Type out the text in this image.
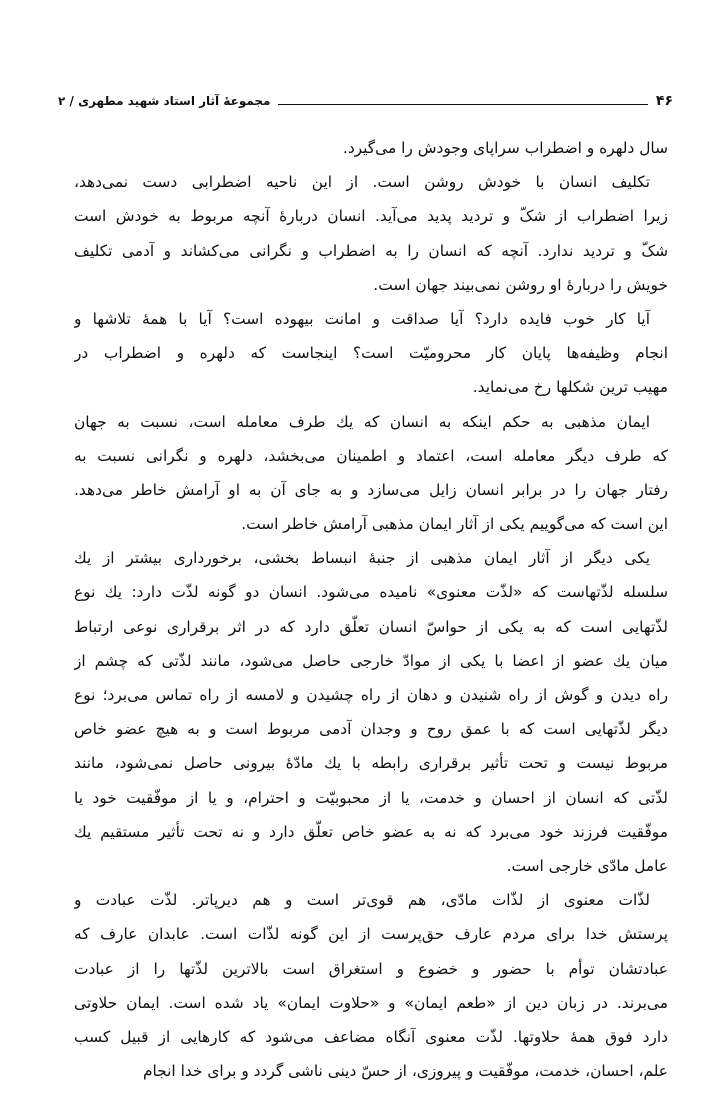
مجموعهٔ آثار استاد شهید مطهری / ۲	۴۶
سال دلهره و اضطراب سراپای وجودش را می‌گیرد.
تکلیف انسان با خودش روشن است. از این ناحیه اضطرابی دست نمی‌دهد،
زیرا اضطراب از شکّ و تردید پدید می‌آید. انسان دربارهٔ آنچه مربوط به خودش است
شکّ و تردید ندارد. آنچه که انسان را به اضطراب و نگرانی می‌کشاند و آدمی تکلیف
خویش را دربارهٔ او روشن نمی‌بیند جهان است.
آیا کار خوب فایده دارد؟ آیا صداقت و امانت بیهوده است؟ آیا با همهٔ تلاشها و
انجام وظیفه‌ها پایان کار محرومیّت است؟ اینجاست که دلهره و اضطراب در
مهیب ترین شکلها رخ می‌نماید.
ایمان مذهبی به حکم اینکه به انسان که یك طرف معامله است، نسبت به جهان
که طرف دیگر معامله است، اعتماد و اطمینان می‌بخشد، دلهره و نگرانی نسبت به
رفتار جهان را در برابر انسان زایل می‌سازد و به جای آن به او آرامش خاطر می‌دهد.
این است که می‌گوییم یکی از آثار ایمان مذهبی آرامش خاطر است.
یکی دیگر از آثار ایمان مذهبی از جنبهٔ انبساط بخشی، برخورداری بیشتر از یك
سلسله لذّتهاست که «لذّت معنوی» نامیده می‌شود. انسان دو گونه لذّت دارد: یك نوع
لذّتهایی است که به یکی از حواسّ انسان تعلّق دارد که در اثر برقراری نوعی ارتباط
میان یك عضو از اعضا با یکی از موادّ خارجی حاصل می‌شود، مانند لذّتی که چشم از
راه دیدن و گوش از راه شنیدن و دهان از راه چشیدن و لامسه از راه تماس می‌برد؛ نوع
دیگر لذّتهایی است که با عمق روح و وجدان آدمی مربوط است و به هیچ عضو خاص
مربوط نیست و تحت تأثیر برقراری رابطه با یك مادّهٔ بیرونی حاصل نمی‌شود، مانند
لذّتی که انسان از احسان و خدمت، یا از محبوبیّت و احترام، و یا از موفّقیت خود یا
موفّقیت فرزند خود می‌برد که نه به عضو خاص تعلّق دارد و نه تحت تأثیر مستقیم یك
عامل مادّی خارجی است.
لذّات معنوی از لذّات مادّی، هم قوی‌تر است و هم دیرپاتر. لذّت عبادت و
پرستش خدا برای مردم عارف حق‌پرست از این گونه لذّات است. عابدان عارف که
عبادتشان توأم با حضور و خضوع و استغراق است بالاترین لذّتها را از عبادت
می‌برند. در زبان دین از «طعم ایمان» و «حلاوت ایمان» یاد شده است. ایمان حلاوتی
دارد فوق همهٔ حلاوتها. لذّت معنوی آنگاه مضاعف می‌شود که کارهایی از قبیل کسب
علم، احسان، خدمت، موفّقیت و پیروزی، از حسّ دینی ناشی گردد و برای خدا انجام
